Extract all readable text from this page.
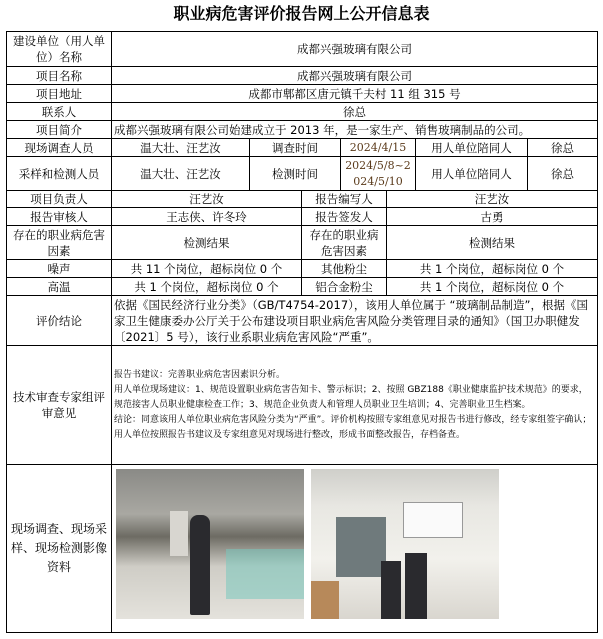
职业病危害评价报告网上公开信息表
建设单位（用人单位）名称	成都兴强玻璃有限公司						
项目名称	成都兴强玻璃有限公司						
项目地址	成都市郫都区唐元镇千夫村 11 组 315 号						
联系人	徐总						
项目简介	成都兴强玻璃有限公司始建成立于 2013 年，是一家生产、销售玻璃制品的公司。						
现场调查人员	温大壮、汪艺汝	调查时间		2024/4/15		用人单位陪同人	徐总
采样和检测人员	温大壮、汪艺汝	检测时间		2024/5/8~2024/5/10		用人单位陪同人	徐总
项目负责人	汪艺汝		报告编写人		汪艺汝		
报告审核人	王志侠、许冬玲		报告签发人		古勇		
存在的职业病危害因素	检测结果		存在的职业病危害因素		检测结果		
噪声	共 11 个岗位，超标岗位 0 个		其他粉尘		共 1 个岗位，超标岗位 0 个		
高温	共 1 个岗位，超标岗位 0 个		铝合金粉尘		共 1 个岗位，超标岗位 0 个		
评价结论	依据《国民经济行业分类》（GB/T4754-2017），该用人单位属于 “玻璃制品制造”，根据《国家卫生健康委办公厅关于公布建设项目职业病危害风险分类管理目录的通知》（国卫办职健发〔2021〕5 号），该行业系职业病危害风险“严重”。						
技术审查专家组评审意见	报告书建议：完善职业病危害因素识分析。
用人单位现场建议：1、规范设置职业病危害告知卡、警示标识；2、按照 GBZ188《职业健康监护技术规范》的要求，规范接害人员职业健康检查工作；3、规范企业负责人和管理人员职业卫生培训；4、完善职业卫生档案。
结论：同意该用人单位职业病危害风险分类为“严重”。评价机构按照专家组意见对报告书进行修改，经专家组签字确认；用人单位按照报告书建议及专家组意见对现场进行整改，形成书面整改报告，存档备查。						

现场调查、现场采样、现场检测影像资料							
